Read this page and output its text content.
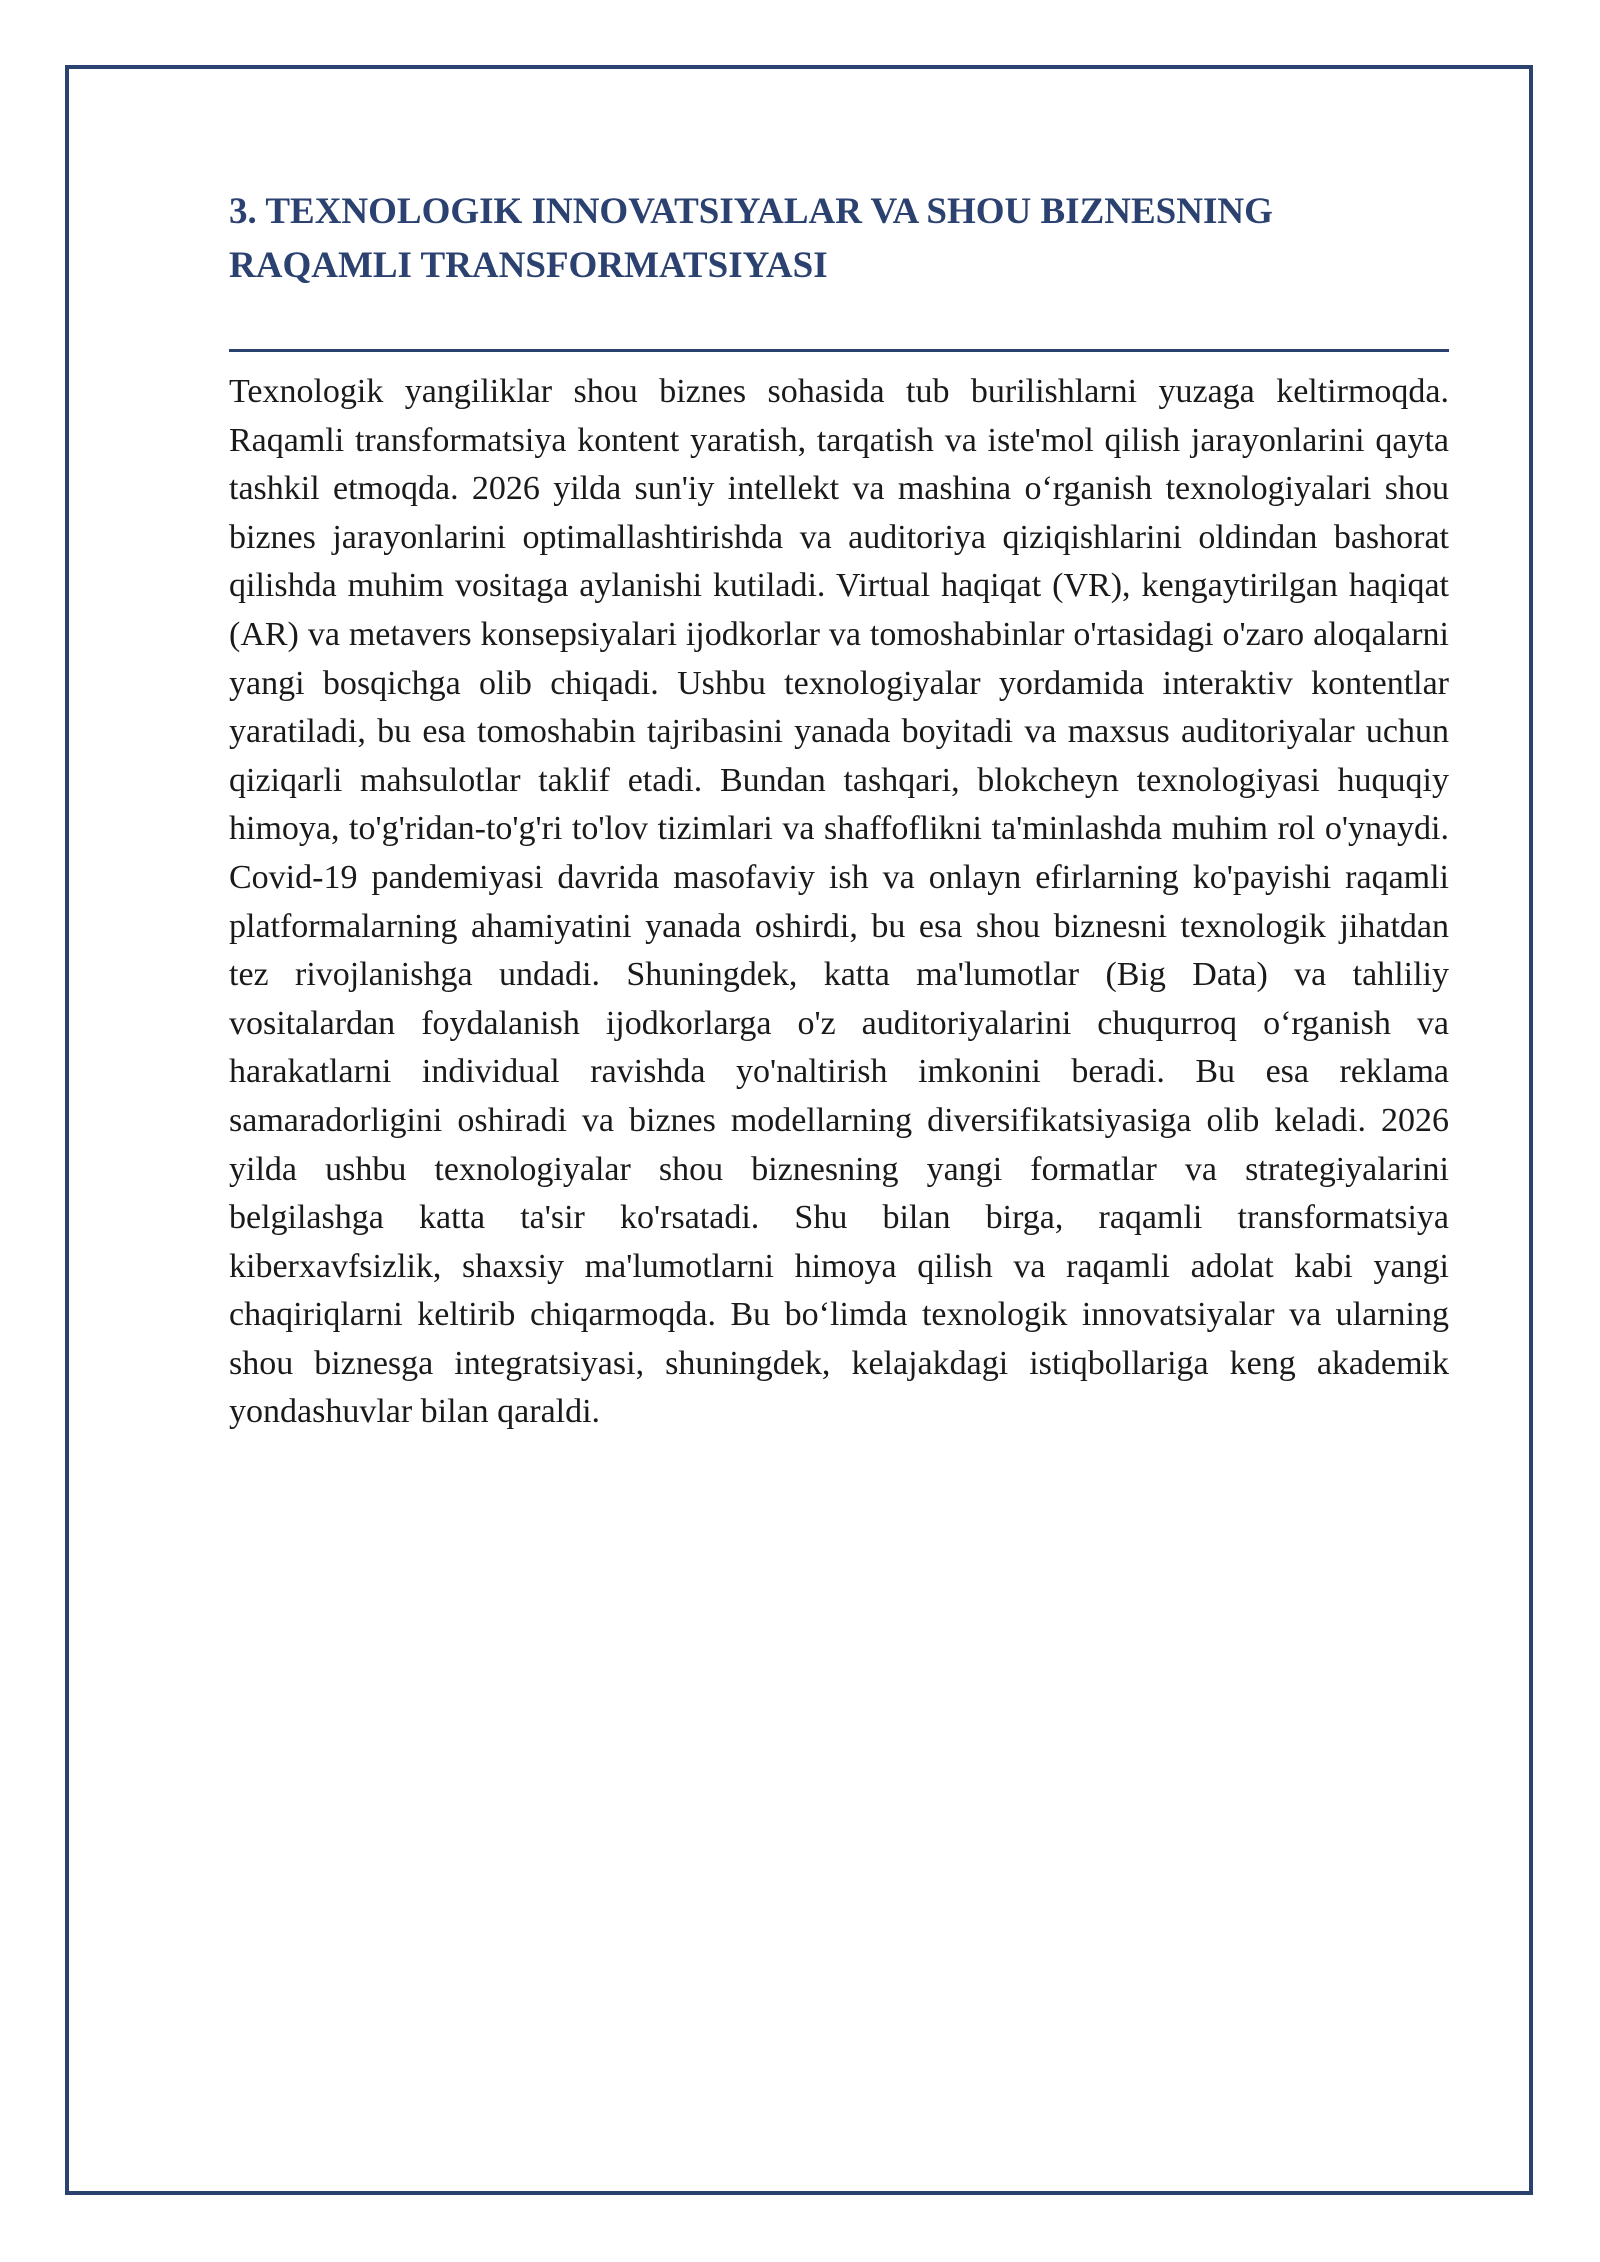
3. TEXNOLOGIK INNOVATSIYALAR VA SHOU BIZNESNING RAQAMLI TRANSFORMATSIYASI

Texnologik yangiliklar shou biznes sohasida tub burilishlarni yuzaga keltirmoqda. Raqamli transformatsiya kontent yaratish, tarqatish va iste'mol qilish jarayonlarini qayta tashkil etmoqda. 2026 yilda sun'iy intellekt va mashina o‘rganish texnologiyalari shou biznes jarayonlarini optimallashtirishda va auditoriya qiziqishlarini oldindan bashorat qilishda muhim vositaga aylanishi kutiladi. Virtual haqiqat (VR), kengaytirilgan haqiqat (AR) va metavers konsepsiyalari ijodkorlar va tomoshabinlar o'rtasidagi o'zaro aloqalarni yangi bosqichga olib chiqadi. Ushbu texnologiyalar yordamida interaktiv kontentlar yaratiladi, bu esa tomoshabin tajribasini yanada boyitadi va maxsus auditoriyalar uchun qiziqarli mahsulotlar taklif etadi. Bundan tashqari, blokcheyn texnologiyasi huquqiy himoya, to'g'ridan-to'g'ri to'lov tizimlari va shaffoflikni ta'minlashda muhim rol o'ynaydi. Covid-19 pandemiyasi davrida masofaviy ish va onlayn efirlarning ko'payishi raqamli platformalarning ahamiyatini yanada oshirdi, bu esa shou biznesni texnologik jihatdan tez rivojlanishga undadi. Shuningdek, katta ma'lumotlar (Big Data) va tahliliy vositalardan foydalanish ijodkorlarga o'z auditoriyalarini chuqurroq o‘rganish va harakatlarni individual ravishda yo'naltirish imkonini beradi. Bu esa reklama samaradorligini oshiradi va biznes modellarning diversifikatsiyasiga olib keladi. 2026 yilda ushbu texnologiyalar shou biznesning yangi formatlar va strategiyalarini belgilashga katta ta'sir ko'rsatadi. Shu bilan birga, raqamli transformatsiya kiberxavfsizlik, shaxsiy ma'lumotlarni himoya qilish va raqamli adolat kabi yangi chaqiriqlarni keltirib chiqarmoqda. Bu bo‘limda texnologik innovatsiyalar va ularning shou biznesga integratsiyasi, shuningdek, kelajakdagi istiqbollariga keng akademik yondashuvlar bilan qaraldi.
